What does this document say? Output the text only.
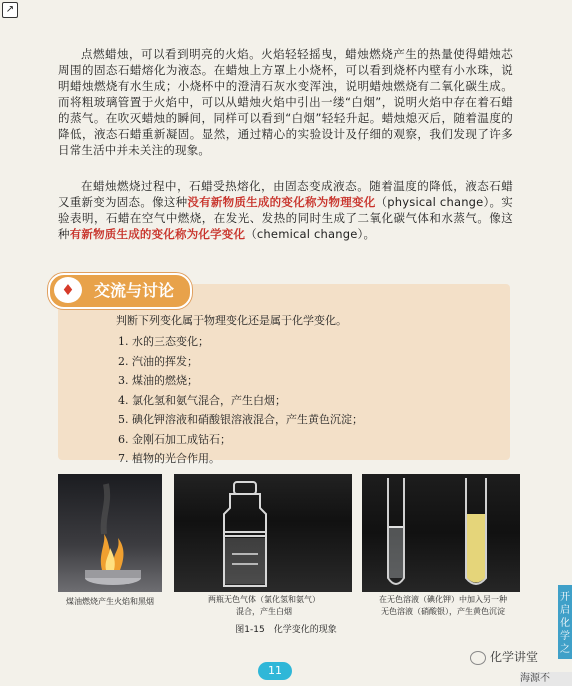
↗
点燃蜡烛，可以看到明亮的火焰。火焰轻轻摇曳，蜡烛燃烧产生的热量使得蜡烛芯周围的固态石蜡熔化为液态。在蜡烛上方罩上小烧杯，可以看到烧杯内壁有小水珠，说明蜡烛燃烧有水生成；小烧杯中的澄清石灰水变浑浊，说明蜡烛燃烧有二氧化碳生成。而将粗玻璃管置于火焰中，可以从蜡烛火焰中引出一缕“白烟”，说明火焰中存在着石蜡的蒸气。在吹灭蜡烛的瞬间，同样可以看到“白烟”轻轻升起。蜡烛熄灭后，随着温度的降低，液态石蜡重新凝固。显然，通过精心的实验设计及仔细的观察，我们发现了许多日常生活中并未关注的现象。
在蜡烛燃烧过程中，石蜡受热熔化，由固态变成液态。随着温度的降低，液态石蜡又重新变为固态。像这种没有新物质生成的变化称为物理变化（physical change）。实验表明，石蜡在空气中燃烧，在发光、发热的同时生成了二氧化碳气体和水蒸气。像这种有新物质生成的变化称为化学变化（chemical change）。
♦	交流与讨论
判断下列变化属于物理变化还是属于化学变化。
1. 水的三态变化；
2. 汽油的挥发；
3. 煤油的燃烧；
4. 氯化氢和氨气混合，产生白烟；
5. 碘化钾溶液和硝酸银溶液混合，产生黄色沉淀；
6. 金刚石加工成钻石；
7. 植物的光合作用。
煤油燃烧产生火焰和黑烟	两瓶无色气体（氯化氢和氨气）
混合，产生白烟
在无色溶液（碘化钾）中加入另一种
无色溶液（硝酸银），产生黄色沉淀
图1-15　化学变化的现象
开
启
化
学
之
11
化学讲堂
海源不
